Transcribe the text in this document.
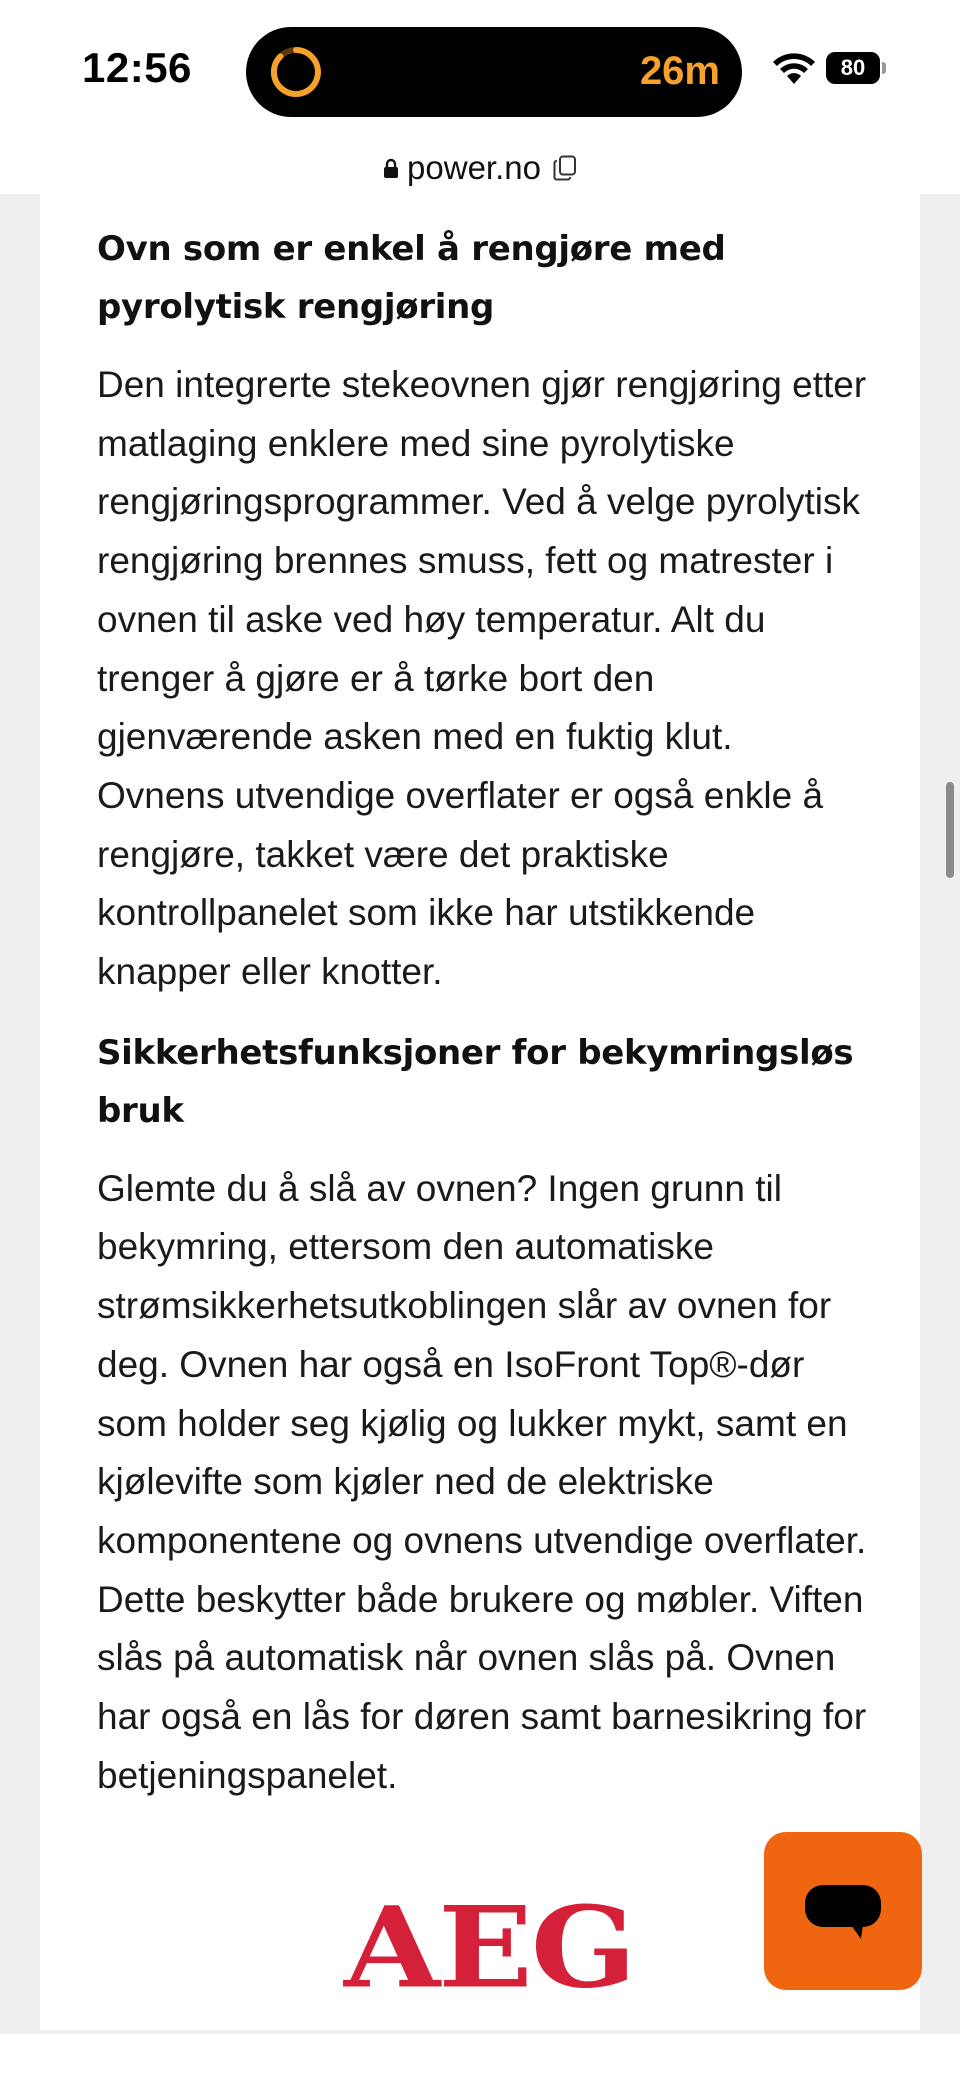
12:56	26m	80
power.no
Ovn som er enkel å rengjøre med pyrolytisk rengjøring

Den integrerte stekeovnen gjør rengjøring etter matlaging enklere med sine pyrolytiske rengjøringsprogrammer. Ved å velge pyrolytisk rengjøring brennes smuss, fett og matrester i ovnen til aske ved høy temperatur. Alt du trenger å gjøre er å tørke bort den gjenværende asken med en fuktig klut. Ovnens utvendige overflater er også enkle å rengjøre, takket være det praktiske kontrollpanelet som ikke har utstikkende knapper eller knotter.

Sikkerhetsfunksjoner for bekymringsløs bruk

Glemte du å slå av ovnen? Ingen grunn til bekymring, ettersom den automatiske strømsikkerhetsutkoblingen slår av ovnen for deg. Ovnen har også en IsoFront Top®-dør som holder seg kjølig og lukker mykt, samt en kjølevifte som kjøler ned de elektriske komponentene og ovnens utvendige overflater. Dette beskytter både brukere og møbler. Viften slås på automatisk når ovnen slås på. Ovnen har også en lås for døren samt barnesikring for betjeningspanelet.

AEG
